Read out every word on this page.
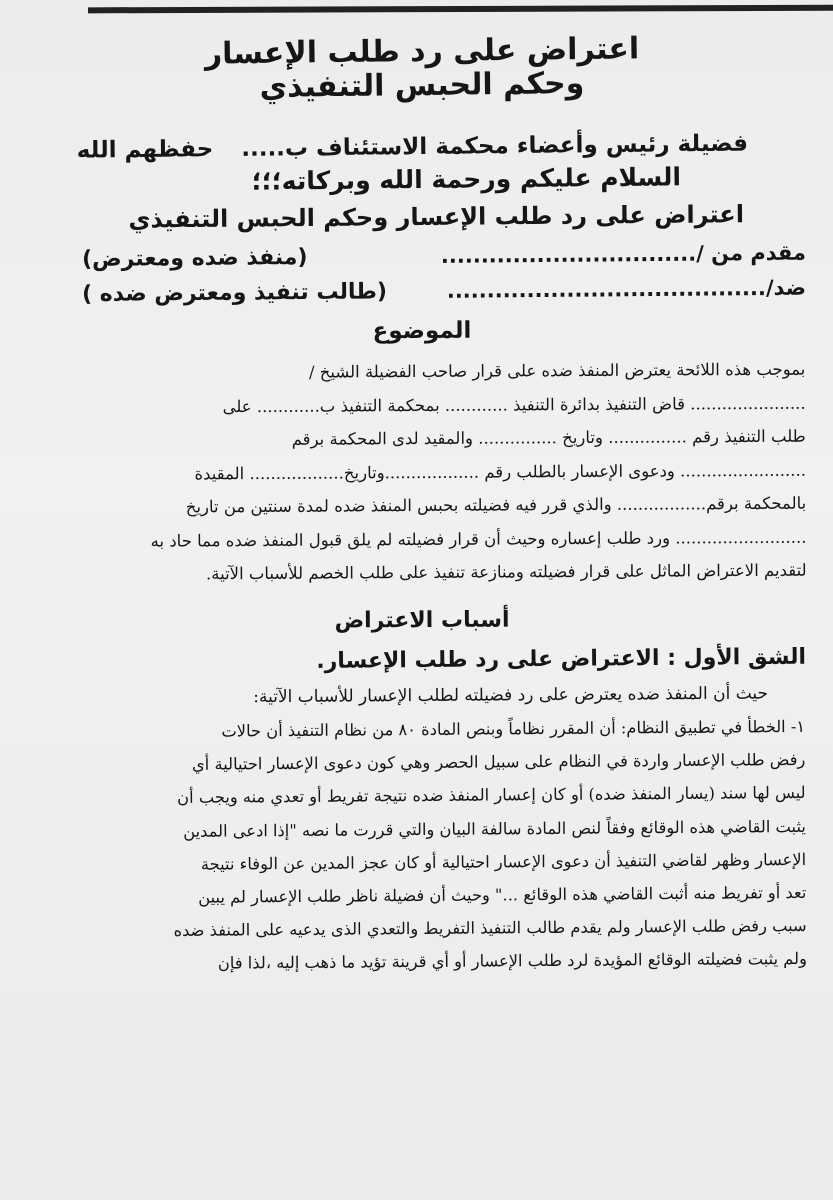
اعتراض على رد طلب الإعسار
وحكم الحبس التنفيذي
فضيلة رئيس وأعضاء محكمة الاستئناف ب.....حفظهم الله
السلام عليكم ورحمة الله وبركاته؛؛؛
اعتراض على رد طلب الإعسار وحكم الحبس التنفيذي
مقدم من /................................
(منفذ ضده ومعترض)
ضد/........................................
(طالب تنفيذ ومعترض ضده )
الموضوع

بموجب هذه اللائحة يعترض المنفذ ضده على قرار صاحب الفضيلة الشيخ /

...................... قاض التنفيذ بدائرة التنفيذ ............ بمحكمة التنفيذ ب............ على

طلب التنفيذ رقم ............... وتاريخ ............... والمقيد لدى المحكمة برقم

........................ ودعوى الإعسار بالطلب رقم ..................وتاريخ.................. المقيدة

بالمحكمة برقم................. والذي قرر فيه فضيلته بحبس المنفذ ضده لمدة سنتين من تاريخ

......................... ورد طلب إعساره وحيث أن قرار فضيلته لم يلق قبول المنفذ ضده مما حاد به

لتقديم الاعتراض الماثل على قرار فضيلته ومنازعة تنفيذ على طلب الخصم للأسباب الآتية.

أسباب الاعتراض
الشق الأول : الاعتراض على رد طلب الإعسار.
حيث أن المنفذ ضده يعترض على رد فضيلته لطلب الإعسار للأسباب الآتية:

١- الخطأ في تطبيق النظام: أن المقرر نظاماً وبنص المادة ٨٠ من نظام التنفيذ أن حالات

رفض طلب الإعسار واردة في النظام على سبيل الحصر وهي كون دعوى الإعسار احتيالية أي

ليس لها سند (يسار المنفذ ضده) أو كان إعسار المنفذ ضده نتيجة تفريط أو تعدي منه ويجب أن

يثبت القاضي هذه الوقائع وفقاً لنص المادة سالفة البيان والتي قررت ما نصه "إذا ادعى المدين

الإعسار وظهر لقاضي التنفيذ أن دعوى الإعسار احتيالية أو كان عجز المدين عن الوفاء نتيجة

تعد أو تفريط منه أثبت القاضي هذه الوقائع ..." وحيث أن فضيلة ناظر طلب الإعسار لم يبين

سبب رفض طلب الإعسار ولم يقدم طالب التنفيذ التفريط والتعدي الذى يدعيه على المنفذ ضده

ولم يثبت فضيلته الوقائع المؤيدة لرد طلب الإعسار أو أي قرينة تؤيد ما ذهب إليه ،لذا فإن
